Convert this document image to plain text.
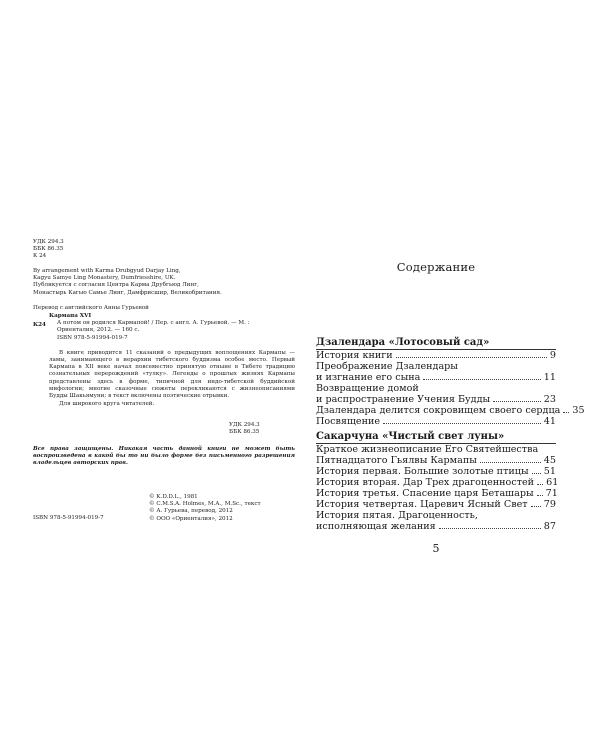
УДК 294.3
ББК 86.35
К 24
By arrangement with Karma Drubgyud Darjay Ling,
Kagyu Samye Ling Monastery, Dumfriesshire, UK.
Публикуется с согласия Центра Карма Друбгьюд Линг,
Монастырь Кагью Самье Линг, Дамфрисшир, Великобритания.
Перевод с английского Анны Гурьевой
К24
Кармапа XVI
А потом он родился Кармапой! / Пер. с англ. А. Гурьевой. — М. :
Ориенталия, 2012. — 160 с.
ISBN 978-5-91994-019-7
В книге приводится 11 сказаний о предыдущих воплощениях Кармапы — ламы, занимающего в иерархии тибетского буддизма особое место. Первый Кармапа в XII веке начал повсеместно принятую отныне в Тибете традицию сознательных перерождений «тулку». Легенды о прошлых жизнях Кармапы представлены здесь в форме, типичной для индо-тибетской буддийской мифологии; многие сказочные сюжеты перекликаются с жизнеописаниями Будды Шакьямуни; в текст включены поэтические отрывки.
Для широкого круга читателей.
УДК 294.3
ББК 86.35
Все права защищены. Никакая часть данной книги не может быть воспроизведена в какой бы то ни было форме без письменного разрешения владельцев авторских прав.
© K.D.D.L., 1981
© C.M.S.A. Holmes, M.A., M.Sc., текст
© А. Гурьева, перевод, 2012
© ООО «Ориенталия», 2012
ISBN 978-5-91994-019-7
Содержание
Дзалендара «Лотосовый сад»
История книги	9
Преображение Дзалендары
и изгнание его сына	11
Возвращение домой
и распространение Учения Будды	23
Дзалендара делится сокровищем своего сердца 35
Посвящение	41
Сакарчуна «Чистый свет луны»
Краткое жизнеописание Его Святейшества
Пятнадцатого Гьялвы Кармапы	45
История первая. Большие золотые птицы 51
История вторая. Дар Трех драгоценностей 61
История третья. Спасение царя Беташары 71
История четвертая. Царевич Ясный Свет 79
История пятая. Драгоценность,
исполняющая желания	87
5
